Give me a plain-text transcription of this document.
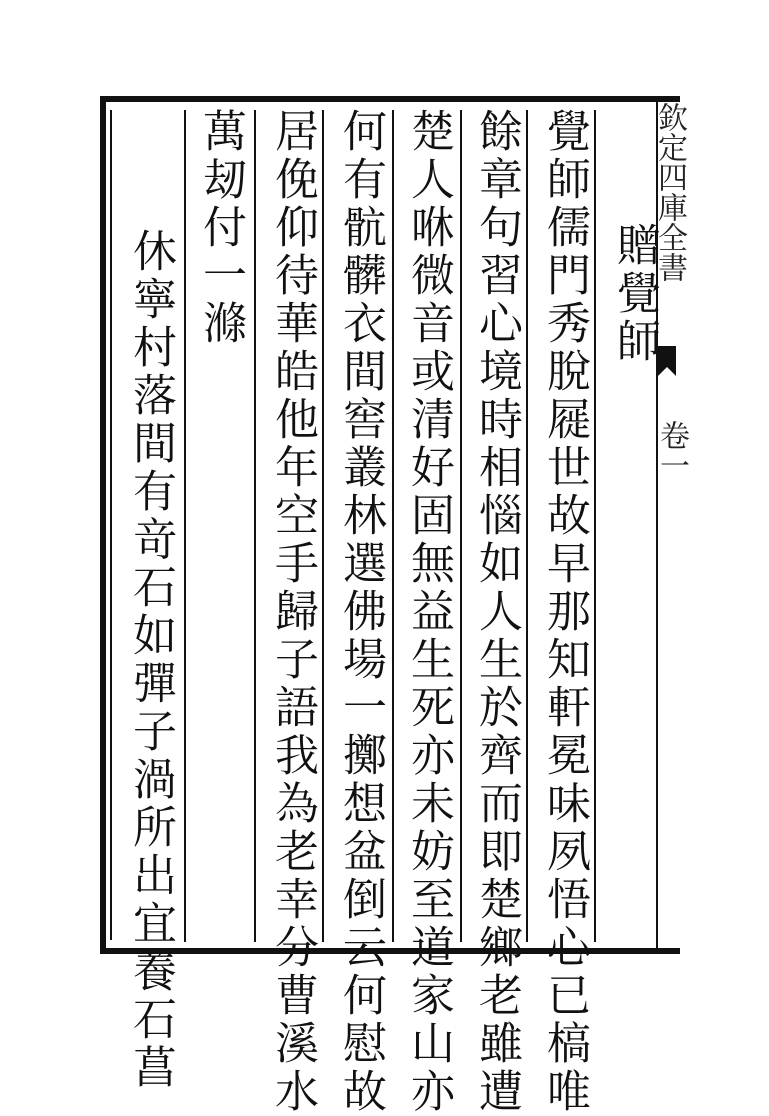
欽定四庫全書
卷一
贈覺師
覺師儒門秀脫屣世故早那知軒冕味夙悟心已槁唯
餘章句習心境時相惱如人生於齊而即楚鄉老雖遭
楚人咻微音或清好固無益生死亦未妨至道家山亦
何有骯髒衣間窖叢林選佛場一擲想盆倒云何慰故
居俛仰待華皓他年空手歸子語我為老幸分曹溪水
萬刼付一滌
休寧村落間有竒石如彈子渦所出宜養石菖
